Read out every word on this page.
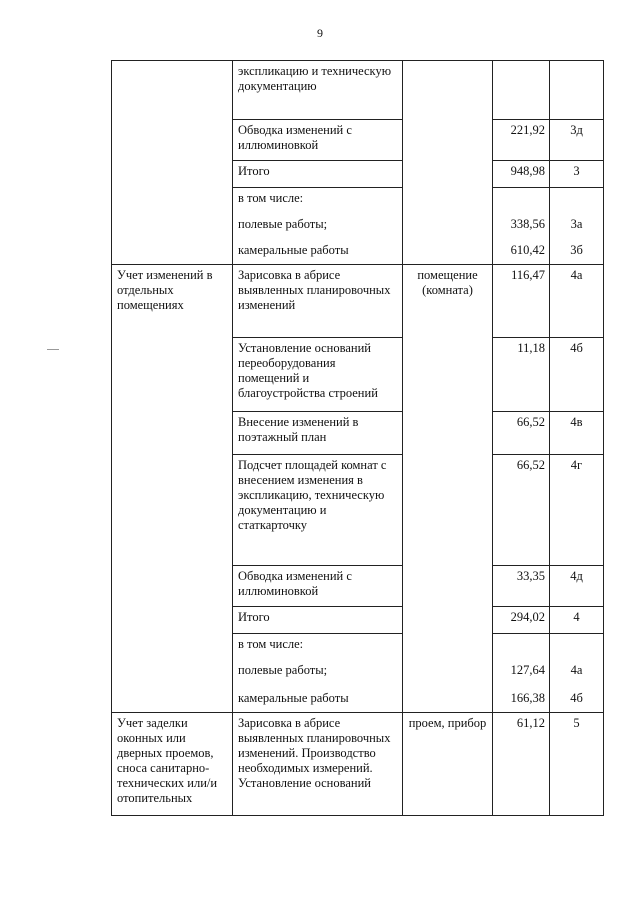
9

	экспликацию и техническую документацию			

	Обводка изменений с иллюминовкой		221,92	3д

	Итого		948,98	3

	в том числе:			

	полевые работы;		338,56	3а

	камеральные работы		610,42	3б

Учет изменений в отдельных помещениях	Зарисовка в абрисе выявленных планировочных изменений	помещение (комната)	116,47	4а

	Установление оснований переоборудования помещений и благоустройства строений		11,18	4б

	Внесение изменений в поэтажный план		66,52	4в

	Подсчет площадей комнат с внесением изменения в экспликацию, техническую документацию и статкарточку		66,52	4г

	Обводка изменений с иллюминовкой		33,35	4д

	Итого		294,02	4

	в том числе:			

	полевые работы;		127,64	4а

	камеральные работы		166,38	4б

Учет заделки оконных или дверных проемов, сноса санитарно-технических или/и отопительных	Зарисовка в абрисе выявленных планировочных изменений. Производство необходимых измерений. Установление оснований	проем, прибор	61,12	5
